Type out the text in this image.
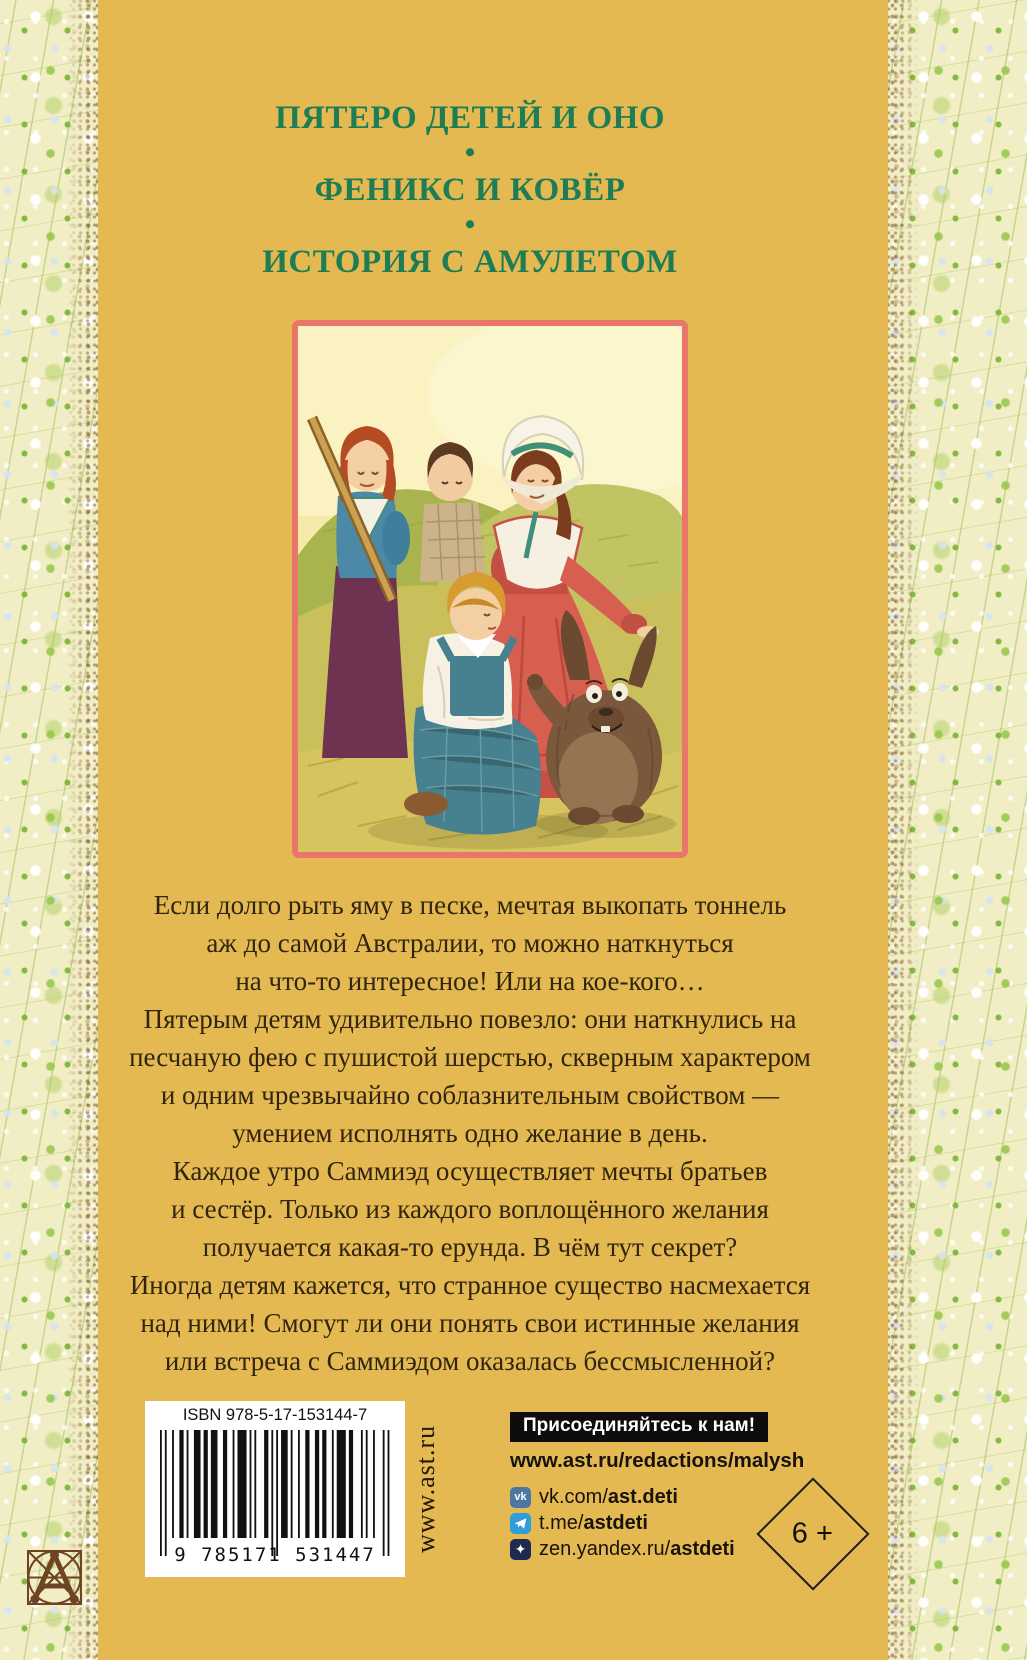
ПЯТЕРО ДЕТЕЙ И ОНО
•
ФЕНИКС И КОВЁР
•
ИСТОРИЯ С АМУЛЕТОМ
Если долго рыть яму в песке, мечтая выкопать тоннель
аж до самой Австралии, то можно наткнуться
на что-то интересное! Или на кое-кого…
Пятерым детям удивительно повезло: они наткнулись на
песчаную фею с пушистой шерстью, скверным характером
и одним чрезвычайно соблазнительным свойством —
умением исполнять одно желание в день.
Каждое утро Саммиэд осуществляет мечты братьев
и сестёр. Только из каждого воплощённого желания
получается какая-то ерунда. В чём тут секрет?
Иногда детям кажется, что странное существо насмехается
над ними! Смогут ли они понять свои истинные желания
или встреча с Саммиэдом оказалась бессмысленной?
ISBN 978-5-17-153144-7
9 785171 531447
www.ast.ru	Присоединяйтесь к нам!
www.ast.ru/redactions/malysh
vk vk.com/ast.deti
t.me/astdeti
✦ zen.yandex.ru/astdeti 6 +
